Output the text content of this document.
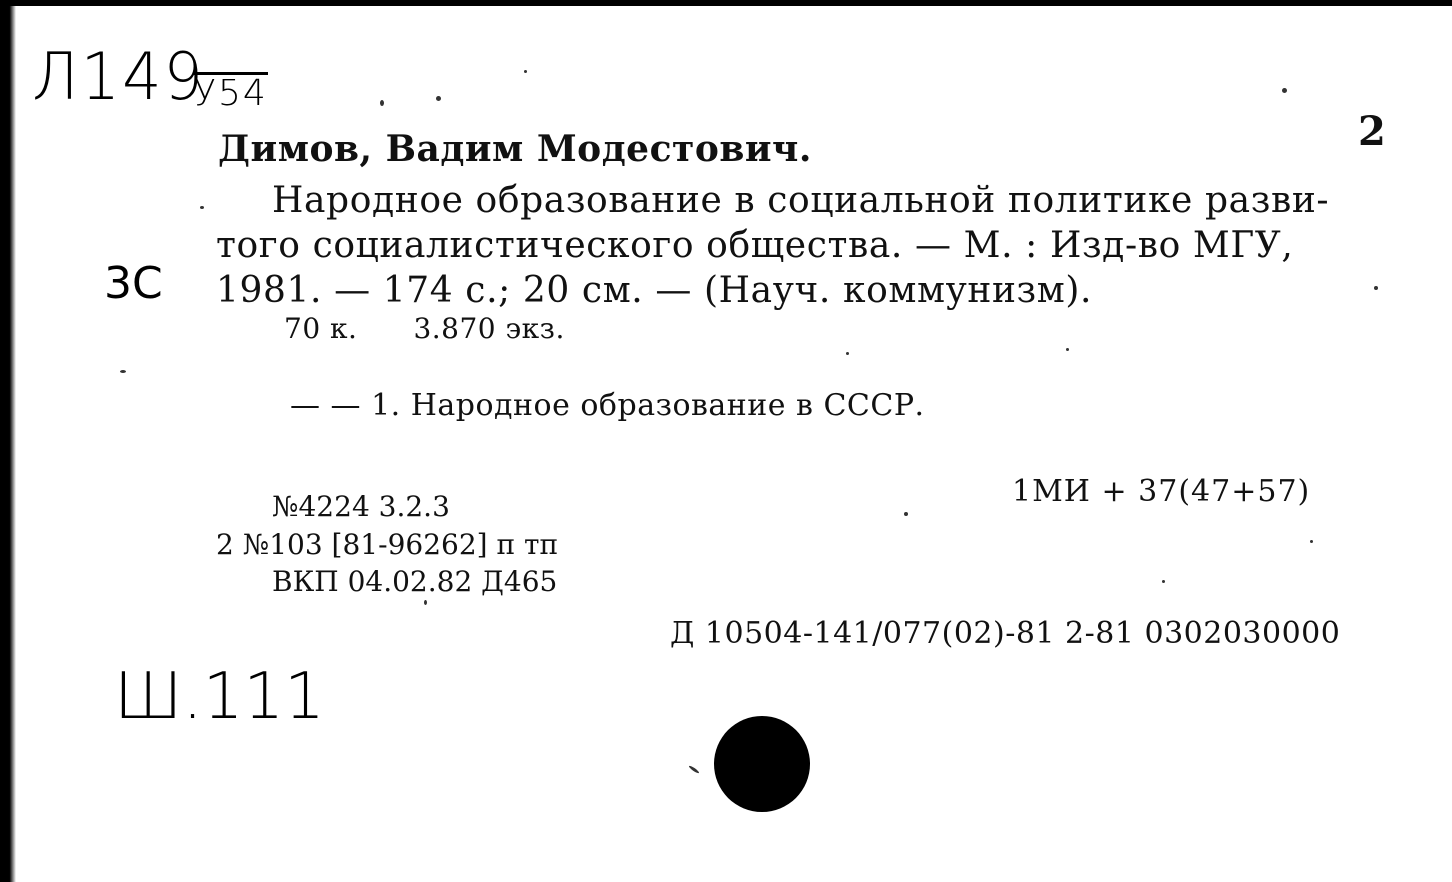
Л149
У54
2
Димов, Вадим Модестович.
Народное образование в социальной политике разви-
того социалистического общества. — М. : Изд-во МГУ,
1981. — 174 с.; 20 см. — (Науч. коммунизм).
3С
70 к. 3.870 экз.
— — 1. Народное образование в СССР.
1МИ + 37(47+57)
№4224 3.2.3
2 №103 [81-96262] п тп
ВКП 04.02.82 Д465
Д 10504-141/077(02)-81 2-81 0302030000
Ш.111
